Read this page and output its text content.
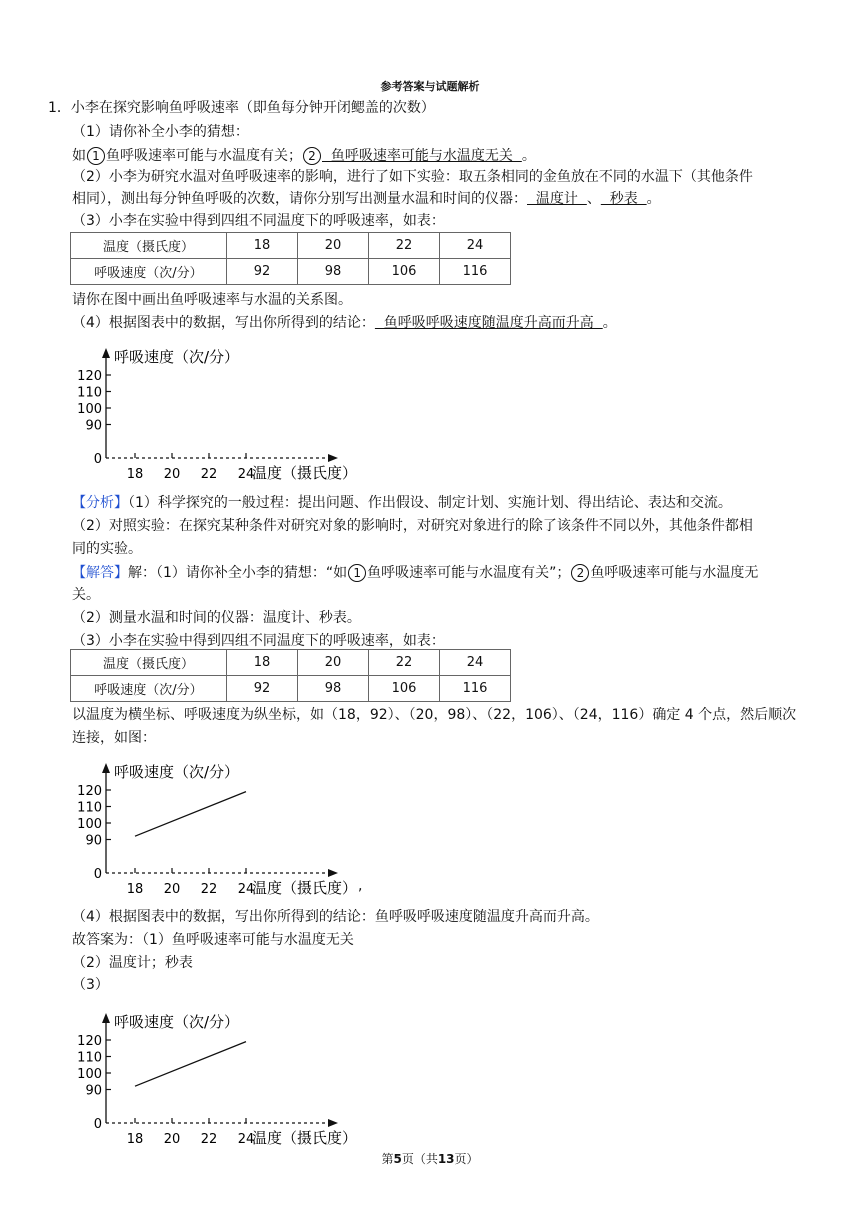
参考答案与试题解析
1．小李在探究影响鱼呼吸速率（即鱼每分钟开闭鳃盖的次数）
（1）请你补全小李的猜想：
如 1 鱼呼吸速率可能与水温度有关； 2  鱼呼吸速率可能与水温度无关  。
（2）小李为研究水温对鱼呼吸速率的影响，进行了如下实验：取五条相同的金鱼放在不同的水温下（其他条件
相同），测出每分钟鱼呼吸的次数，请你分别写出测量水温和时间的仪器：  温度计  、  秒表  。
（3）小李在实验中得到四组不同温度下的呼吸速率，如表：
温度（摄氏度）	18	20	22	24
呼吸速度（次/分）	92	98	106	116
请你在图中画出鱼呼吸速率与水温的关系图。
（4）根据图表中的数据，写出你所得到的结论：  鱼呼吸呼吸速度随温度升高而升高  。
呼吸速度（次/分）
温度（摄氏度）
120
110
100
90
0
18 20 22 24
【分析】（1）科学探究的一般过程：提出问题、作出假设、制定计划、实施计划、得出结论、表达和交流。
（2）对照实验：在探究某种条件对研究对象的影响时，对研究对象进行的除了该条件不同以外，其他条件都相
同的实验。
【解答】解：（1）请你补全小李的猜想：“如 1 鱼呼吸速率可能与水温度有关”； 2 鱼呼吸速率可能与水温度无
关。
（2）测量水温和时间的仪器：温度计、秒表。
（3）小李在实验中得到四组不同温度下的呼吸速率，如表：
温度（摄氏度）	18	20	22	24
呼吸速度（次/分）	92	98	106	116
以温度为横坐标、呼吸速度为纵坐标，如（18，92）、（20，98）、（22，106）、（24，116）确定 4 个点，然后顺次
连接，如图：
呼吸速度（次/分）
温度（摄氏度）
120
110
100
90
0
18 20 22 24	,
（4）根据图表中的数据，写出你所得到的结论：鱼呼吸呼吸速度随温度升高而升高。
故答案为：（1）鱼呼吸速率可能与水温度无关
（2）温度计；秒表
（3）
呼吸速度（次/分）
温度（摄氏度）
120
110
100
90
0
18 20 22 24
第5页（共13页）
